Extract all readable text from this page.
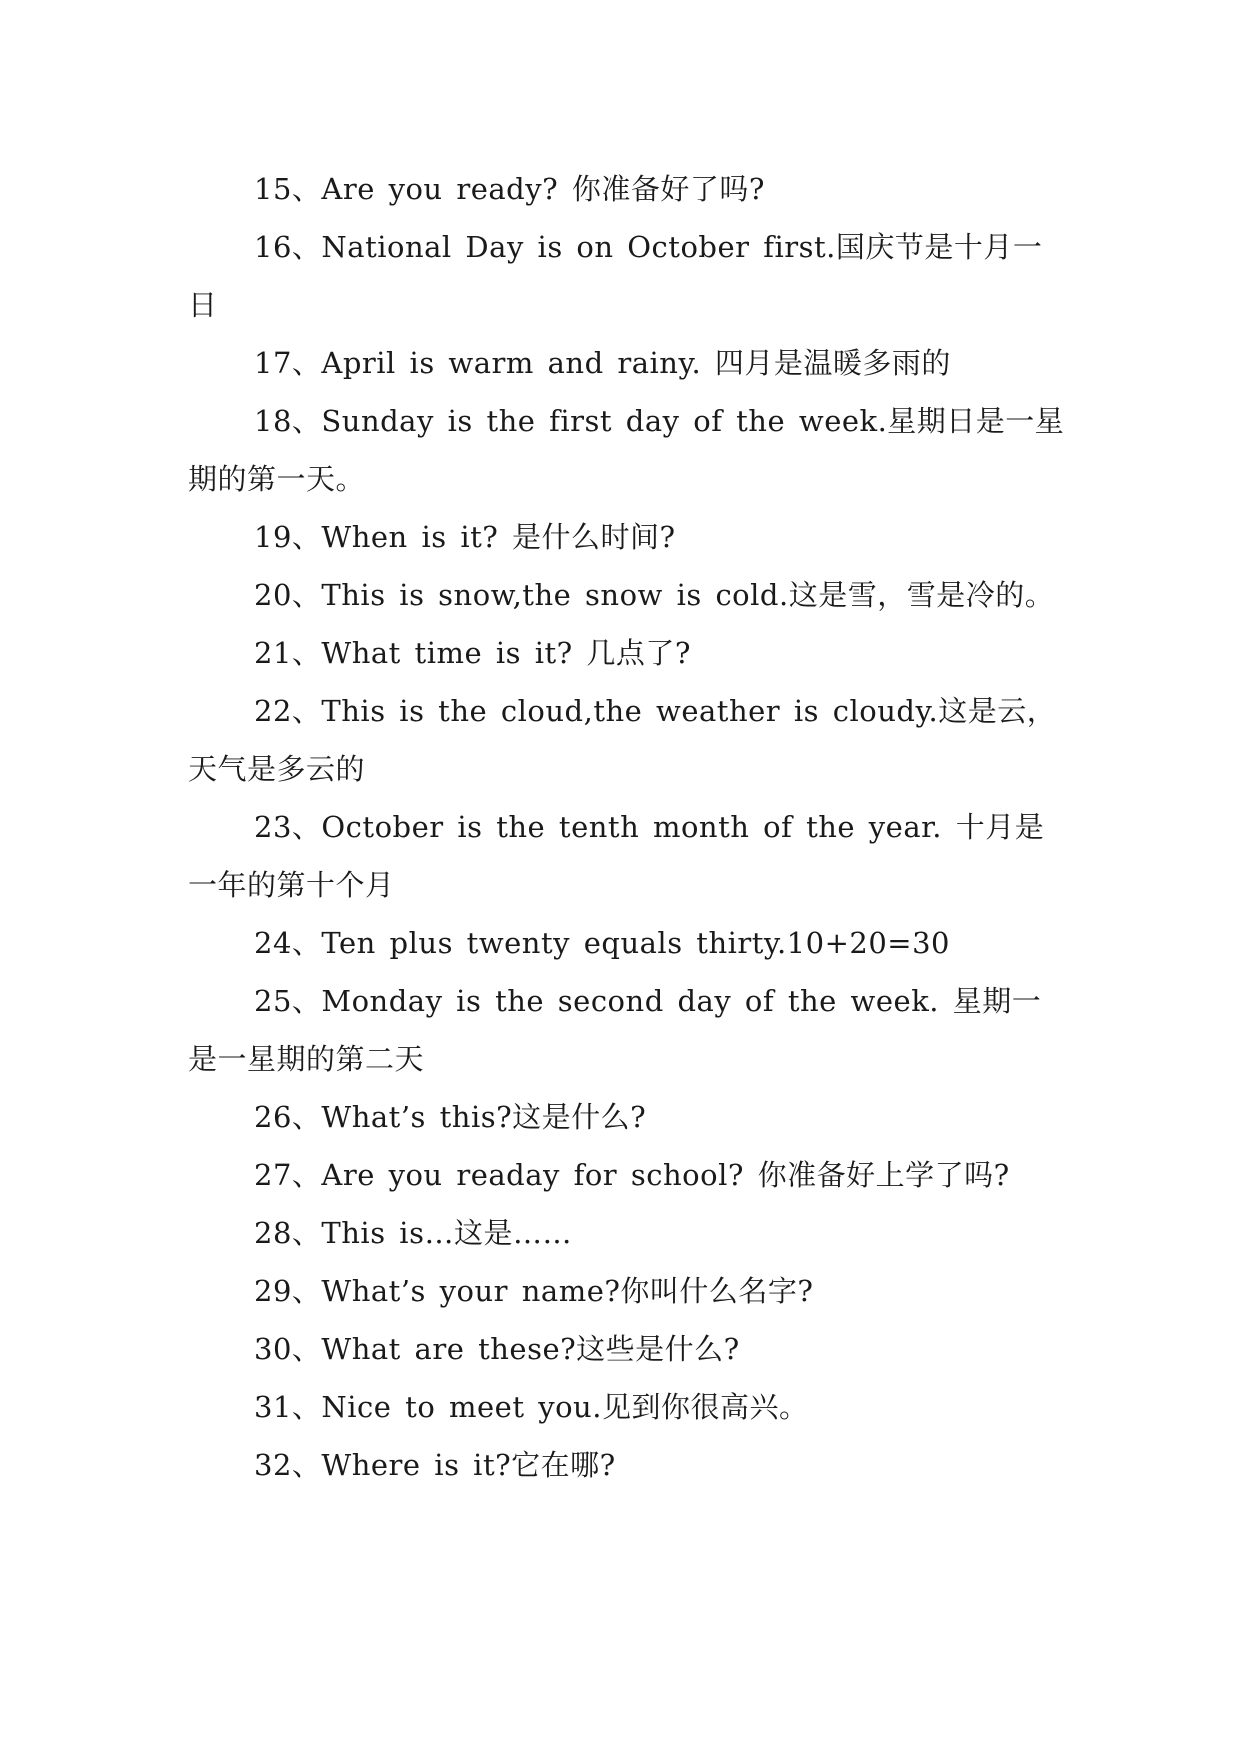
15、Are you ready? 你准备好了吗?

16、National Day is on October first.国庆节是十月一日

17、April is warm and rainy. 四月是温暖多雨的

18、Sunday is the first day of the week.星期日是一星期的第一天。

19、When is it? 是什么时间?

20、This is snow,the snow is cold.这是雪，雪是冷的。

21、What time is it? 几点了?

22、This is the cloud,the weather is cloudy.这是云，天气是多云的

23、October is the tenth month of the year. 十月是一年的第十个月

24、Ten plus twenty equals thirty.10+20=30

25、Monday is the second day of the week. 星期一是一星期的第二天

26、What’s this?这是什么?

27、Are you readay for school? 你准备好上学了吗?

28、This is…这是……

29、What’s your name?你叫什么名字?

30、What are these?这些是什么?

31、Nice to meet you.见到你很高兴。

32、Where is it?它在哪?
